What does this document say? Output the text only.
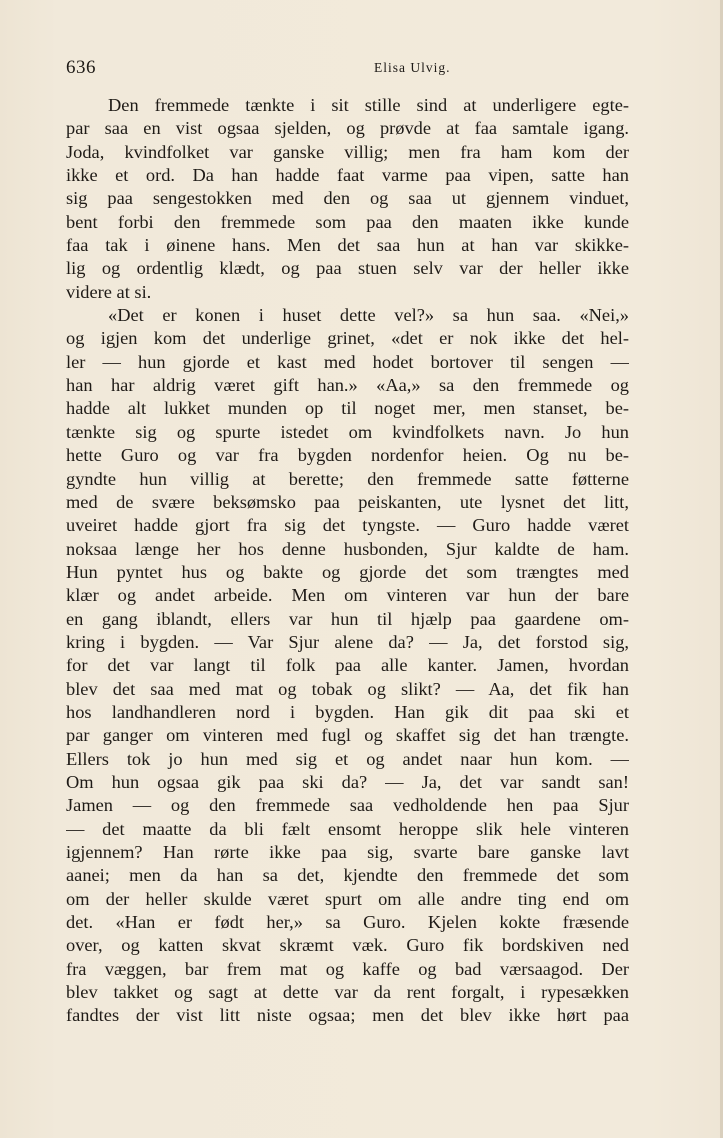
636	Elisa Ulvig.
Den fremmede tænkte i sit stille sind at underligere egte-
par saa en vist ogsaa sjelden, og prøvde at faa samtale igang.
Joda, kvindfolket var ganske villig; men fra ham kom der
ikke et ord. Da han hadde faat varme paa vipen, satte han
sig paa sengestokken med den og saa ut gjennem vinduet,
bent forbi den fremmede som paa den maaten ikke kunde
faa tak i øinene hans. Men det saa hun at han var skikke-
lig og ordentlig klædt, og paa stuen selv var der heller ikke
videre at si.
«Det er konen i huset dette vel?» sa hun saa. «Nei,»
og igjen kom det underlige grinet, «det er nok ikke det hel-
ler — hun gjorde et kast med hodet bortover til sengen —
han har aldrig været gift han.» «Aa,» sa den fremmede og
hadde alt lukket munden op til noget mer, men stanset, be-
tænkte sig og spurte istedet om kvindfolkets navn. Jo hun
hette Guro og var fra bygden nordenfor heien. Og nu be-
gyndte hun villig at berette; den fremmede satte føtterne
med de svære beksømsko paa peiskanten, ute lysnet det litt,
uveiret hadde gjort fra sig det tyngste. — Guro hadde været
noksaa længe her hos denne husbonden, Sjur kaldte de ham.
Hun pyntet hus og bakte og gjorde det som trængtes med
klær og andet arbeide. Men om vinteren var hun der bare
en gang iblandt, ellers var hun til hjælp paa gaardene om-
kring i bygden. — Var Sjur alene da? — Ja, det forstod sig,
for det var langt til folk paa alle kanter. Jamen, hvordan
blev det saa med mat og tobak og slikt? — Aa, det fik han
hos landhandleren nord i bygden. Han gik dit paa ski et
par ganger om vinteren med fugl og skaffet sig det han trængte.
Ellers tok jo hun med sig et og andet naar hun kom. —
Om hun ogsaa gik paa ski da? — Ja, det var sandt san!
Jamen — og den fremmede saa vedholdende hen paa Sjur
— det maatte da bli fælt ensomt heroppe slik hele vinteren
igjennem? Han rørte ikke paa sig, svarte bare ganske lavt
aanei; men da han sa det, kjendte den fremmede det som
om der heller skulde været spurt om alle andre ting end om
det. «Han er født her,» sa Guro. Kjelen kokte fræsende
over, og katten skvat skræmt væk. Guro fik bordskiven ned
fra væggen, bar frem mat og kaffe og bad værsaagod. Der
blev takket og sagt at dette var da rent forgalt, i rypesækken
fandtes der vist litt niste ogsaa; men det blev ikke hørt paa
